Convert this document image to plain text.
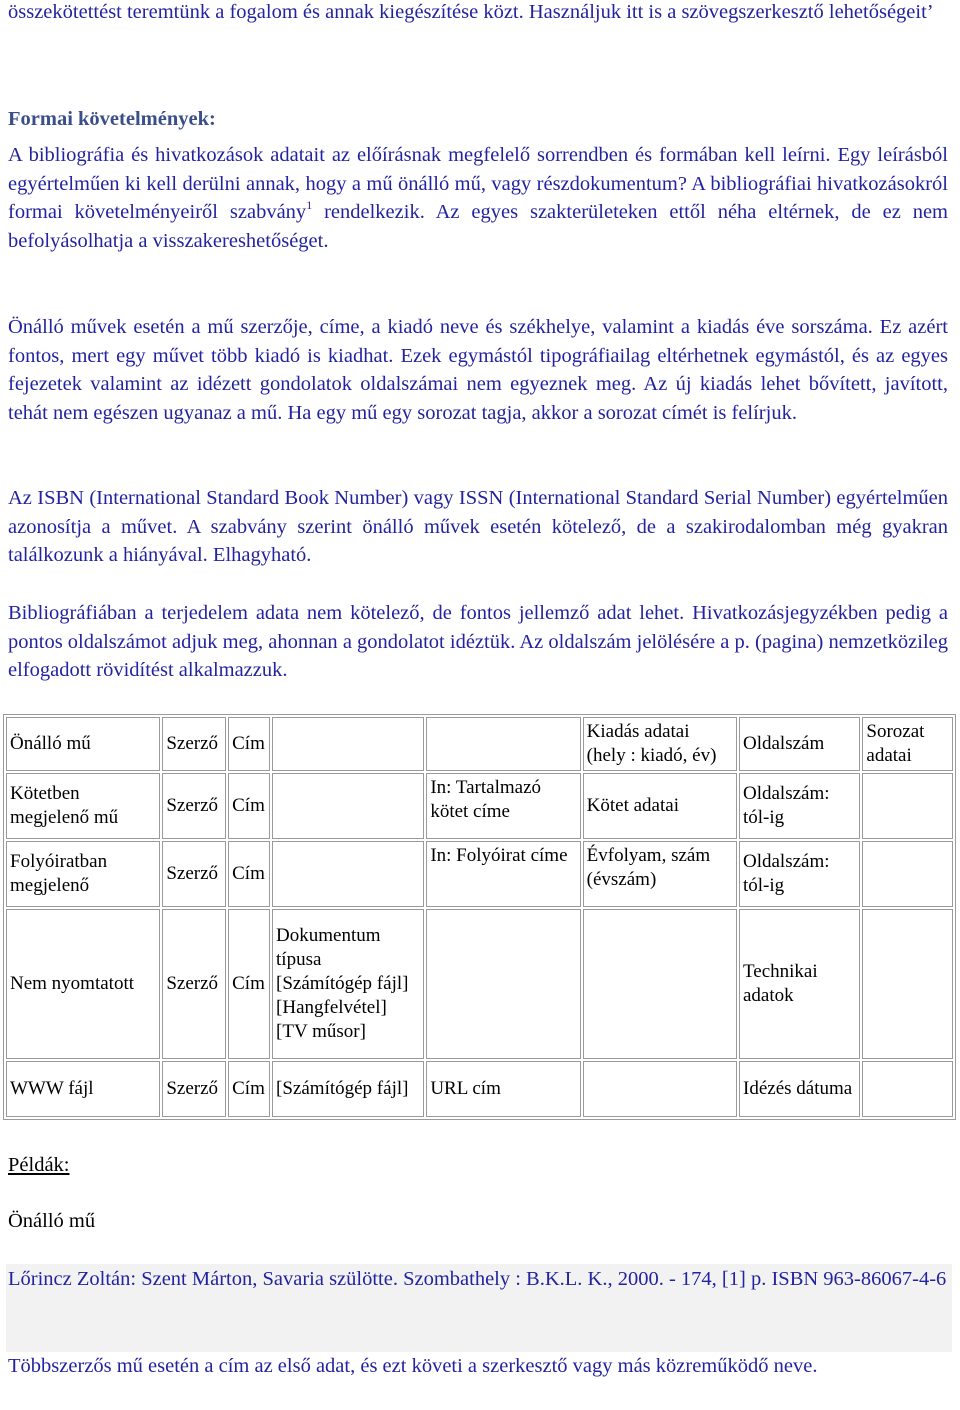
összekötettést teremtünk a fogalom és annak kiegészítése közt. Használjuk itt is a szövegszerkesztő lehetőségeit’

Formai követelmények:

A bibliográfia és hivatkozások adatait az előírásnak megfelelő sorrendben és formában kell leírni. Egy leírásból egyértelműen ki kell derülni annak, hogy a mű önálló mű, vagy részdokumentum? A bibliográfiai hivatkozásokról formai követelményeiről szabvány$^1$ rendelkezik. Az egyes szakterületeken ettől néha eltérnek, de ez nem befolyásolhatja a visszakereshetőséget.

Önálló művek esetén a mű szerzője, címe, a kiadó neve és székhelye, valamint a kiadás éve sorszáma. Ez azért fontos, mert egy művet több kiadó is kiadhat. Ezek egymástól tipográfiailag eltérhetnek egymástól, és az egyes fejezetek valamint az idézett gondolatok oldalszámai nem egyeznek meg. Az új kiadás lehet bővített, javított, tehát nem egészen ugyanaz a mű. Ha egy mű egy sorozat tagja, akkor a sorozat címét is felírjuk.

Az ISBN (International Standard Book Number) vagy ISSN (International Standard Serial Number) egyértelműen azonosítja a művet. A szabvány szerint önálló művek esetén kötelező, de a szakirodalomban még gyakran találkozunk a hiányával. Elhagyható.

Bibliográfiában a terjedelem adata nem kötelező, de fontos jellemző adat lehet. Hivatkozásjegyzékben pedig a pontos oldalszámot adjuk meg, ahonnan a gondolatot idéztük. Az oldalszám jelölésére a p. (pagina) nemzetközileg elfogadott rövidítést alkalmazzuk.

Önálló mű	Szerző	Cím			Kiadás adatai (hely : kiadó, év)	Oldalszám	Sorozat adatai
Kötetben megjelenő mű	Szerző	Cím		In: Tartalmazó kötet címe	Kötet adatai	Oldalszám: tól-ig	
Folyóiratban megjelenő	Szerző	Cím		In: Folyóirat címe	Évfolyam, szám (évszám)	Oldalszám: tól-ig	
Nem nyomtatott	Szerző	Cím	Dokumentum típusa [Számítógép fájl] [Hangfelvétel] [TV műsor]			Technikai adatok	
WWW fájl	Szerző	Cím	[Számítógép fájl]	URL cím		Idézés dátuma	
Példák:
Önálló mű
Lőrincz Zoltán: Szent Márton, Savaria szülötte. Szombathely : B.K.L. K., 2000. - 174, [1] p. ISBN 963-86067-4-6

Többszerzős mű esetén a cím az első adat, és ezt követi a szerkesztő vagy más közreműködő neve.
